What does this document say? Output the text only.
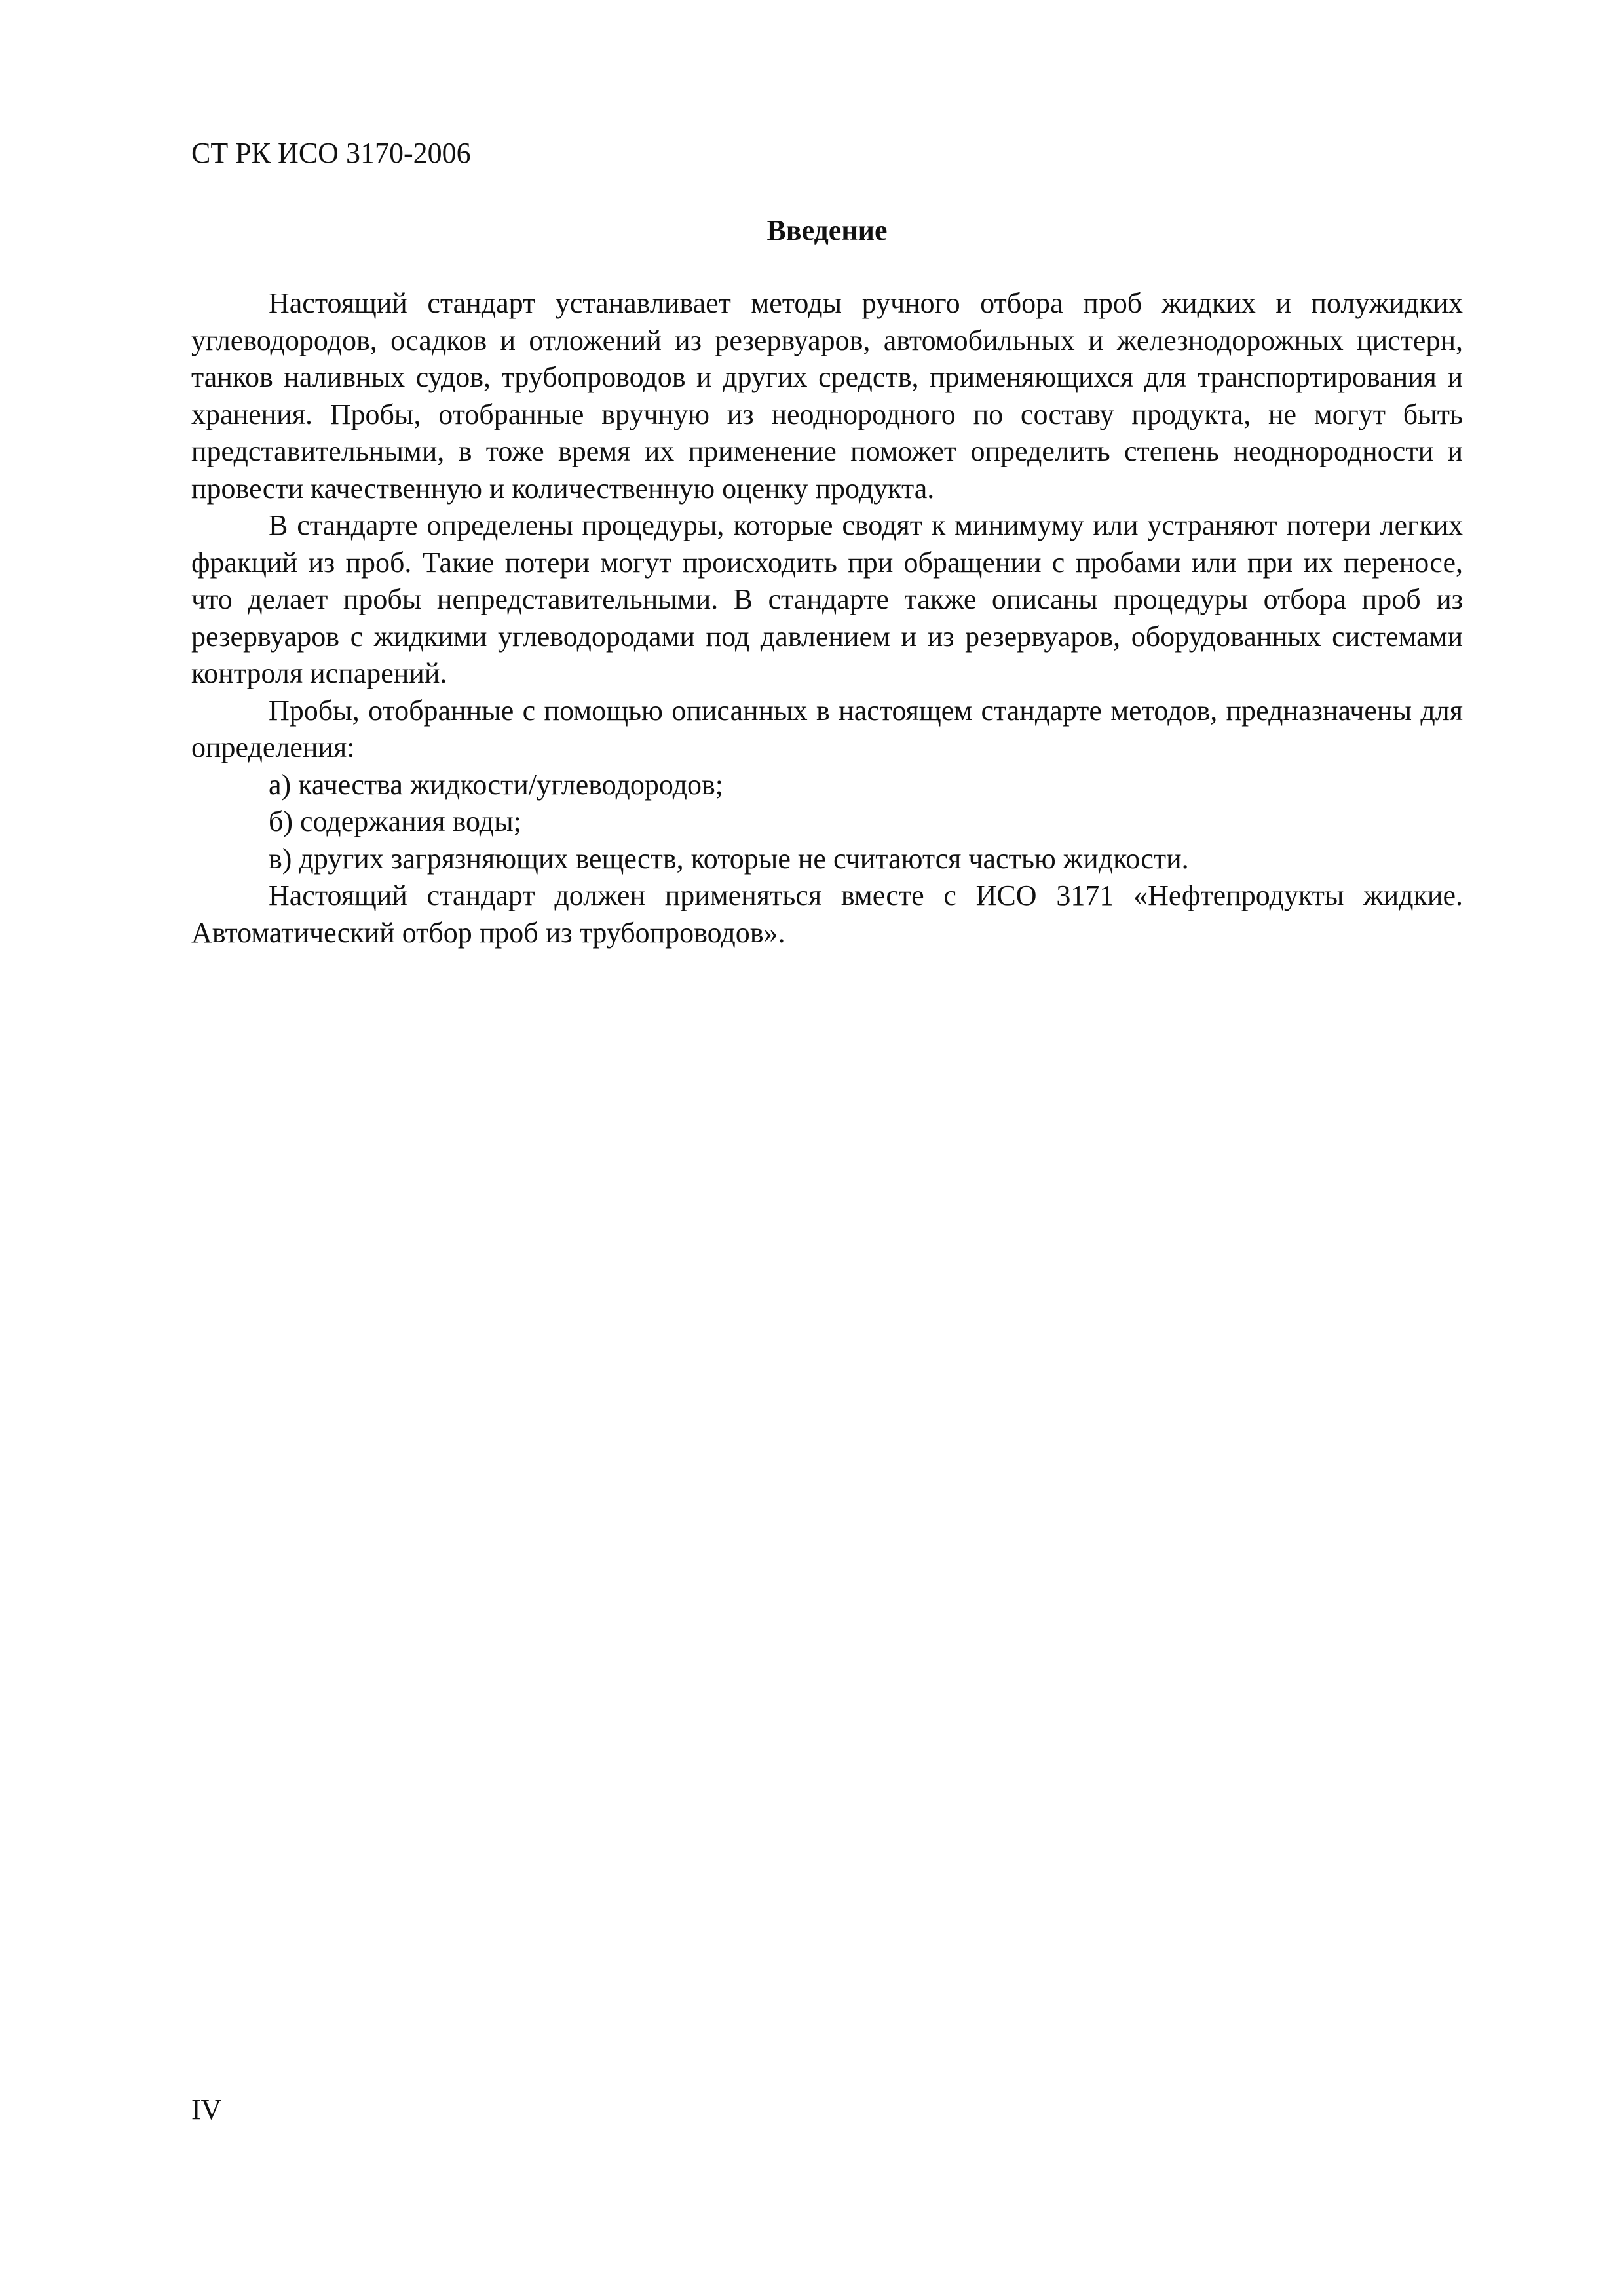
СТ РК ИСО 3170-2006
Введение

Настоящий стандарт устанавливает методы ручного отбора проб жидких и полужидких углеводородов, осадков и отложений из резервуаров, автомобильных и железнодорожных цистерн, танков наливных судов, трубопроводов и других средств, применяющихся для транспортирования и хранения. Пробы, отобранные вручную из неоднородного по составу продукта, не могут быть представительными, в тоже время их применение поможет определить степень неоднородности и провести качественную и количественную оценку продукта.

В стандарте определены процедуры, которые сводят к минимуму или устраняют потери легких фракций из проб. Такие потери могут происходить при обращении с пробами или при их переносе, что делает пробы непредставительными. В стандарте также описаны процедуры отбора проб из резервуаров с жидкими углеводородами под давлением и из резервуаров, оборудованных системами контроля испарений.

Пробы, отобранные с помощью описанных в настоящем стандарте методов, предназначены для определения:

а) качества жидкости/углеводородов;

б) содержания воды;

в) других загрязняющих веществ, которые не считаются частью жидкости.

Настоящий стандарт должен применяться вместе с ИСО 3171 «Нефтепродукты жидкие. Автоматический отбор проб из трубопроводов».

IV
